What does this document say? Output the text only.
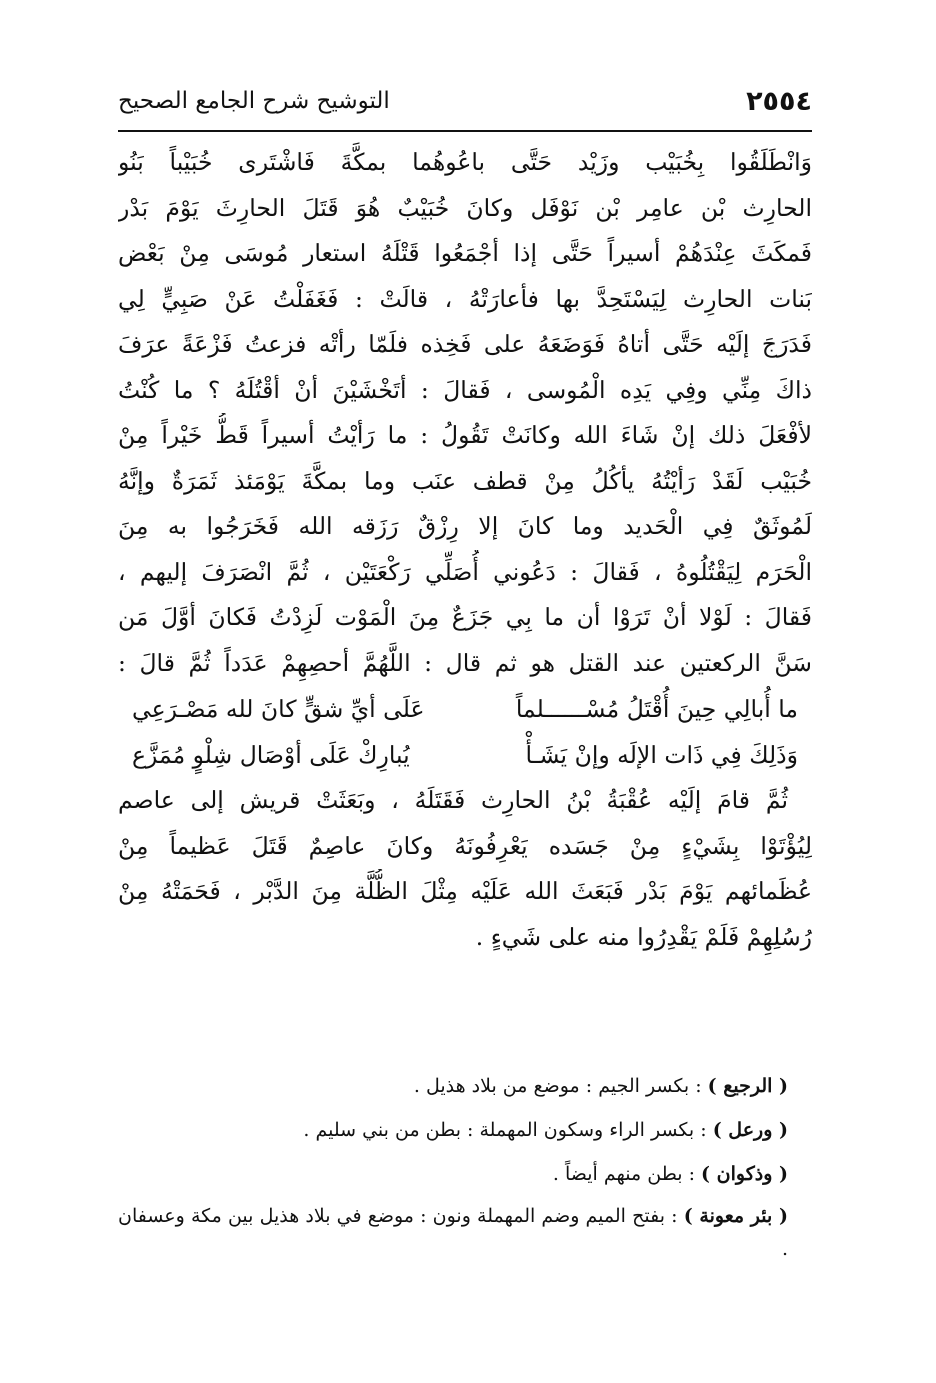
٢٥٥٤
التوشيح شرح الجامع الصحيح
وَانْطَلَقُوا بِخُبَيْب وزَيْد حَتَّى باعُوهُما بمكَّةَ فَاشْتَرى خُبَيْباً بَنُو
الحارِث بْن عامِر بْن نَوْفَل وكانَ خُبَيْبٌ هُوَ قَتَلَ الحارِثَ يَوْمَ بَدْر
فَمكَثَ عِنْدَهُمْ أسيراً حَتَّى إذا أجْمَعُوا قَتْلَهُ استعار مُوسَى مِنْ بَعْض
بَنات الحارِث لِيَسْتَحِدَّ بها فأعارَتْهُ ، قالَتْ : فَغَفَلْتُ عَنْ صَبِيٍّ لِي
فَدَرَجَ إلَيْه حَتَّى أتاهُ فَوَضَعَهُ على فَخِذه فلَمّا رأتْه فزعتُ فَزْعَةً عرَفَ
ذاكَ مِنِّي وفِي يَدِه الْمُوسى ، فَقالَ : أتَخْشَيْنَ أنْ أقْتُلَهُ ؟ ما كُنْتُ
لأفْعَلَ ذلك إنْ شَاءَ الله وكانَتْ تَقُولُ : ما رَأيْتُ أسيراً قَطُّ خَيْراً مِنْ
خُبَيْب لَقَدْ رَأيْتُهُ يأكُلُ مِنْ قطف عنَب وما بمكَّةَ يَوْمَئذ ثَمَرَةٌ وإنَّهُ
لَمُوثَقٌ فِي الْحَديد وما كانَ إلا رِزْقٌ رَزَقه الله فَخَرَجُوا به مِنَ
الْحَرَم لِيَقْتُلُوهُ ، فَقالَ : دَعُوني أُصَلِّي رَكْعَتَيْن ، ثُمَّ انْصَرَفَ إليهم ،
فَقالَ : لَوْلا أنْ تَرَوْا أن ما بِي جَزَعٌ مِنَ الْمَوْت لَزِدْتُ فَكانَ أوَّلَ مَن
سَنَّ الركعتين عند القتل هو ثم قال : اللَّهُمَّ أحصِهِمْ عَدَداً ثُمَّ قالَ :
ما أُبالِي حِينَ أُقْتَلُ مُسْــــــلماً
عَلَى أيِّ شقٍّ كانَ لله مَصْـرَعِي
وَذَلِكَ فِي ذَات الإلَه وإنْ يَشَـأْ
يُبارِكْ عَلَى أوْصَال شِلْوٍ مُمَزَّع
ثُمَّ قامَ إلَيْه عُقْبَةُ بْنُ الحارِث فَقَتَلَهُ ، وبَعَثَتْ قريش إلى عاصم
لِيُؤْتَوْا بِشَيْءٍ مِنْ جَسَده يَعْرِفُونَهُ وكانَ عاصِمٌ قَتَلَ عَظيماً مِنْ
عُظَمائهم يَوْمَ بَدْر فَبَعَثَ الله عَلَيْه مِثْلَ الظُّلَّة مِنَ الدَّبْر ، فَحَمَتْهُ مِنْ
رُسُلِهِمْ فَلَمْ يَقْدِرُوا منه على شَيءٍ .
( الرجيع ) : بكسر الجيم : موضع من بلاد هذيل .
( ورعل ) : بكسر الراء وسكون المهملة : بطن من بني سليم .
( وذكوان ) : بطن منهم أيضاً .
( بئر معونة ) : بفتح الميم وضم المهملة ونون : موضع في بلاد هذيل بين مكة وعسفان .
